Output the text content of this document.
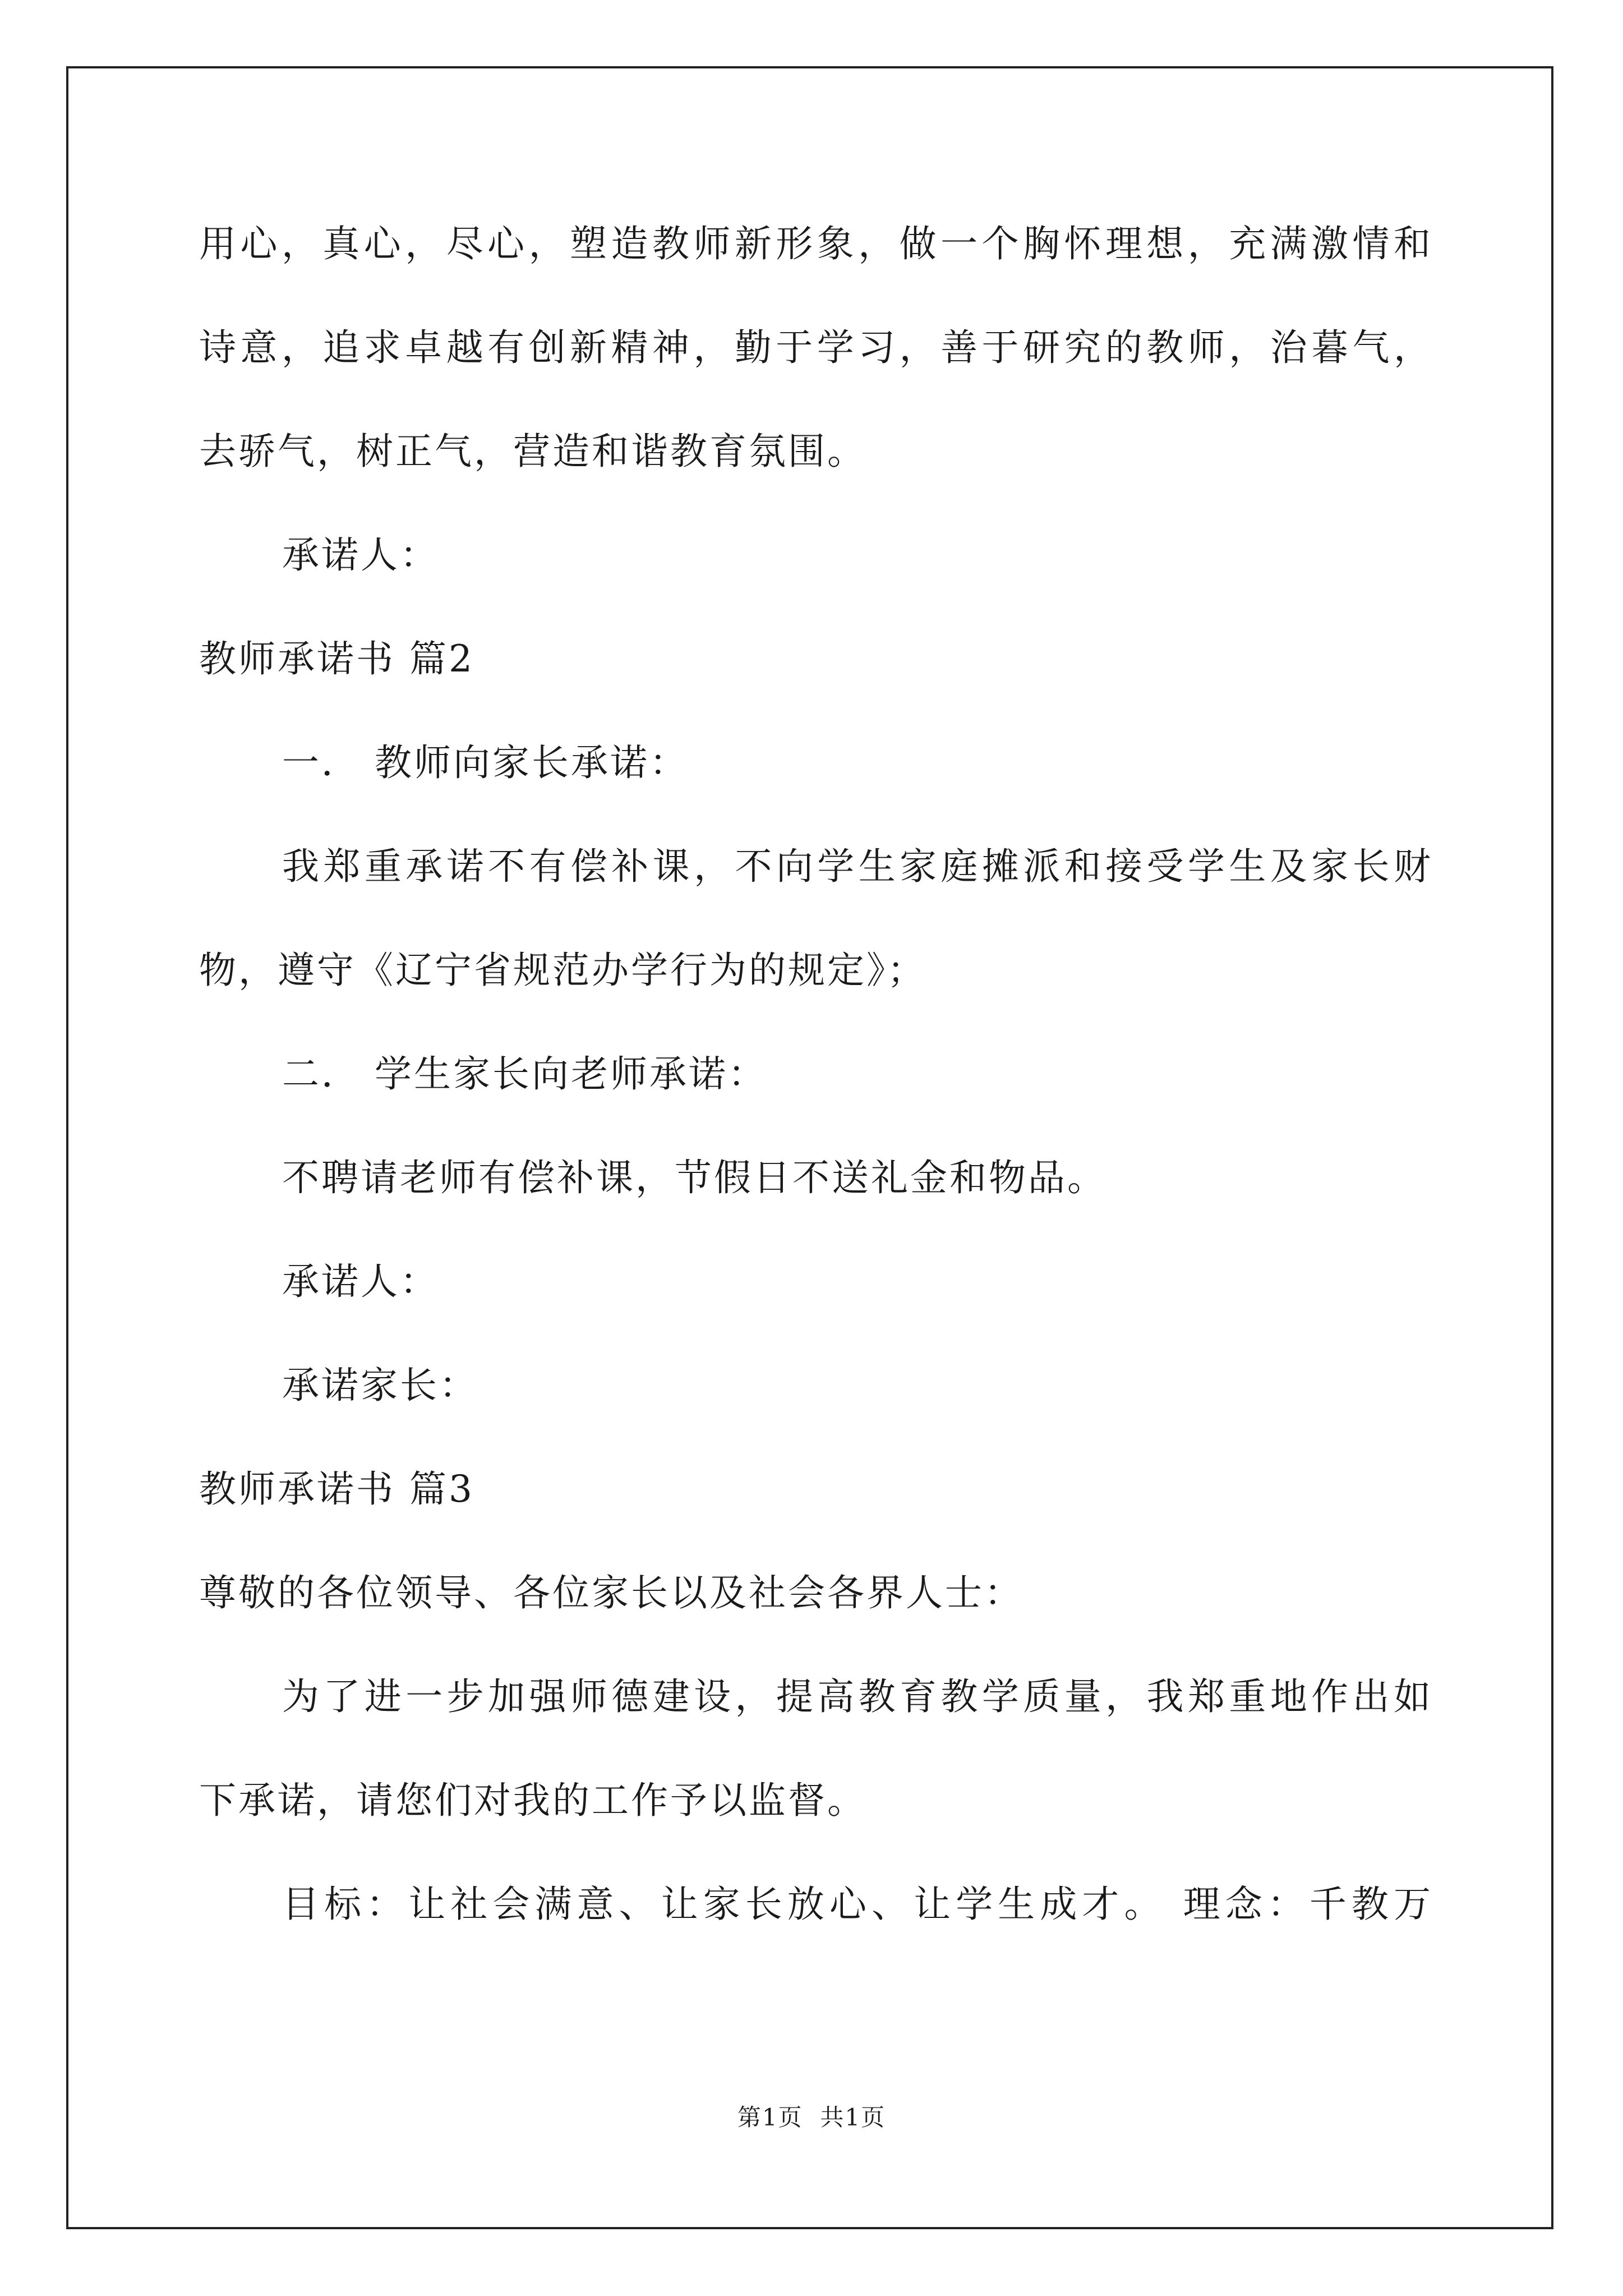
用心，真心，尽心，塑造教师新形象，做一个胸怀理想，充满激情和
诗意，追求卓越有创新精神，勤于学习，善于研究的教师，治暮气，
去骄气，树正气，营造和谐教育氛围。
承诺人：
教师承诺书 篇2
一． 教师向家长承诺：
我郑重承诺不有偿补课，不向学生家庭摊派和接受学生及家长财
物，遵守《辽宁省规范办学行为的规定》；
二． 学生家长向老师承诺：
不聘请老师有偿补课，节假日不送礼金和物品。
承诺人：
承诺家长：
教师承诺书 篇3
尊敬的各位领导、各位家长以及社会各界人士：
为了进一步加强师德建设，提高教育教学质量，我郑重地作出如
下承诺，请您们对我的工作予以监督。
目标：让社会满意、让家长放心、让学生成才。 理念：千教万
第1页  共1页
